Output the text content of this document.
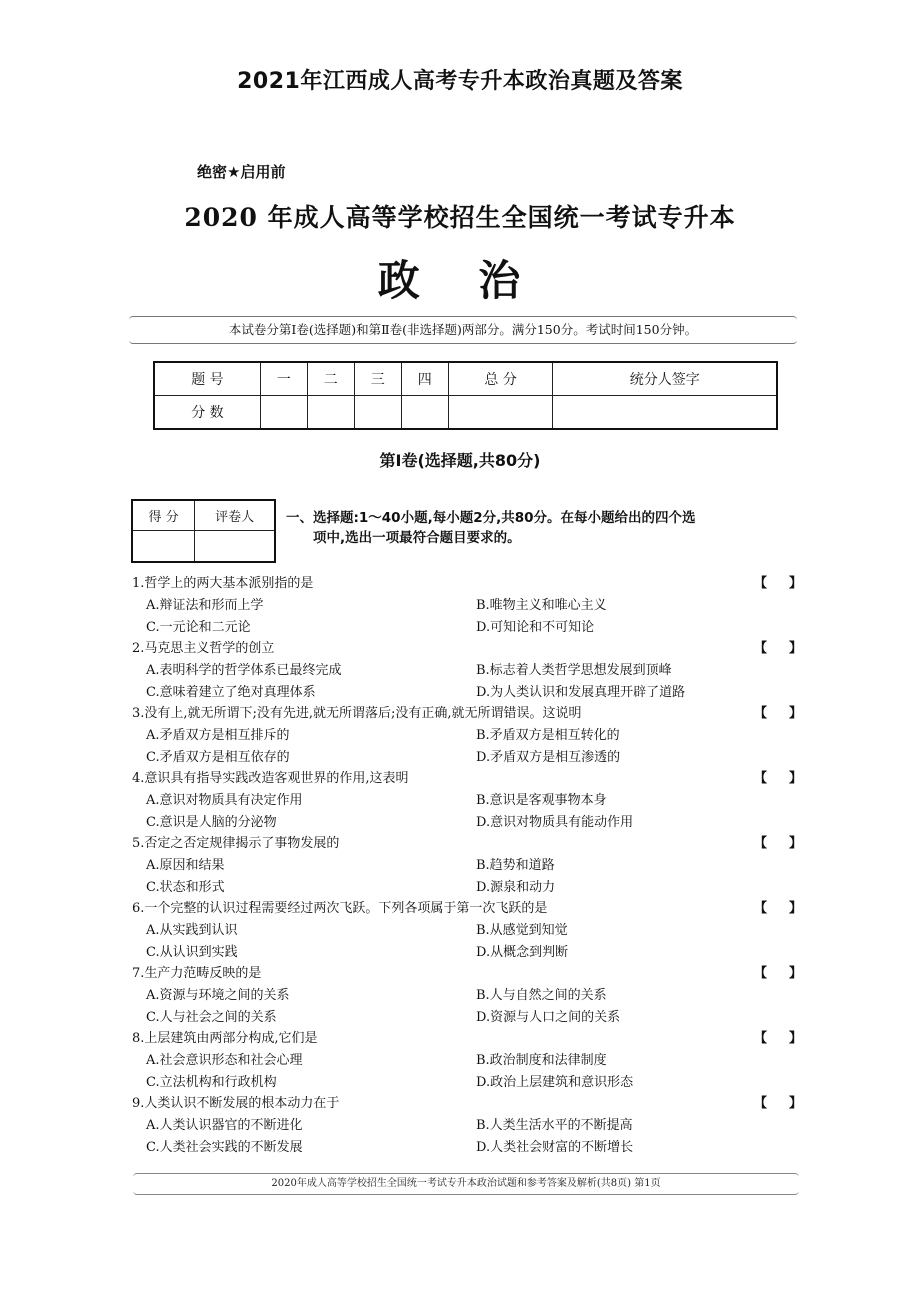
2021年江西成人高考专升本政治真题及答案
绝密★启用前
2020 年成人高等学校招生全国统一考试专升本
政 治
本试卷分第Ⅰ卷(选择题)和第Ⅱ卷(非选择题)两部分。满分150分。考试时间150分钟。
题 号	一	二	三	四	总 分	统分人签字
分 数						
第Ⅰ卷(选择题,共80分)
得 分	评卷人
	一、选择题:1～40小题,每小题2分,共80分。在每小题给出的四个选
项中,选出一项最符合题目要求的。
1.哲学上的两大基本派别指的是	【 】
A.辩证法和形而上学	B.唯物主义和唯心主义
C.一元论和二元论	D.可知论和不可知论
2.马克思主义哲学的创立	【 】
A.表明科学的哲学体系已最终完成	B.标志着人类哲学思想发展到顶峰
C.意味着建立了绝对真理体系	D.为人类认识和发展真理开辟了道路
3.没有上,就无所谓下;没有先进,就无所谓落后;没有正确,就无所谓错误。这说明	【 】
A.矛盾双方是相互排斥的	B.矛盾双方是相互转化的
C.矛盾双方是相互依存的	D.矛盾双方是相互渗透的
4.意识具有指导实践改造客观世界的作用,这表明	【 】
A.意识对物质具有决定作用	B.意识是客观事物本身
C.意识是人脑的分泌物	D.意识对物质具有能动作用
5.否定之否定规律揭示了事物发展的	【 】
A.原因和结果	B.趋势和道路
C.状态和形式	D.源泉和动力
6.一个完整的认识过程需要经过两次飞跃。下列各项属于第一次飞跃的是	【 】
A.从实践到认识	B.从感觉到知觉
C.从认识到实践	D.从概念到判断
7.生产力范畴反映的是	【 】
A.资源与环境之间的关系	B.人与自然之间的关系
C.人与社会之间的关系	D.资源与人口之间的关系
8.上层建筑由两部分构成,它们是	【 】
A.社会意识形态和社会心理	B.政治制度和法律制度
C.立法机构和行政机构	D.政治上层建筑和意识形态
9.人类认识不断发展的根本动力在于	【 】
A.人类认识器官的不断进化	B.人类生活水平的不断提高
C.人类社会实践的不断发展	D.人类社会财富的不断增长
2020年成人高等学校招生全国统一考试专升本政治试题和参考答案及解析(共8页) 第1页
